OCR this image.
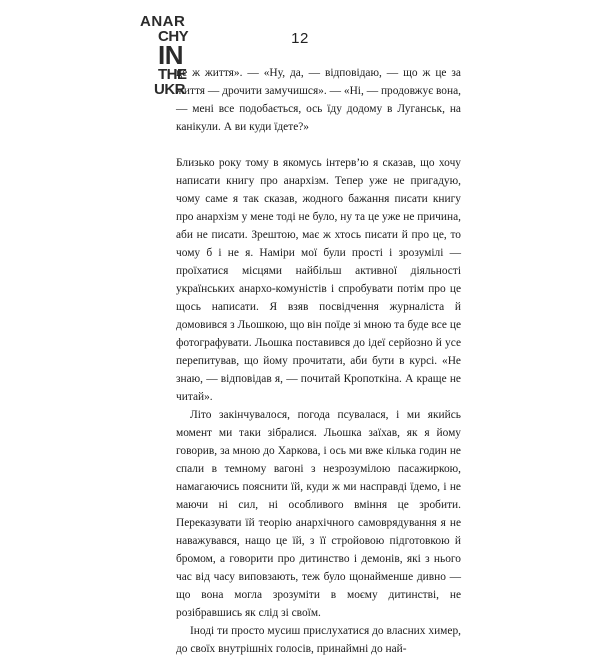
ANAR
CHY
IN
THE
UKR
12

це ж життя». — «Ну, да, — відповідаю, — що ж це за життя — дрочити замучишся». — «Ні, — продовжує вона, — мені все подобається, ось їду додому в Луганськ, на канікули. А ви куди їдете?»

Близько року тому в якомусь інтерв’ю я сказав, що хочу написати книгу про анархізм. Тепер уже не пригадую, чому саме я так сказав, жодного бажання писати книгу про анархізм у мене тоді не було, ну та це уже не причина, аби не писати. Зрештою, має ж хтось писати й про це, то чому б і не я. Наміри мої були прості і зрозумілі — проїхатися місцями найбільш активної діяльності українських анархо-комуністів і спробувати потім про це щось написати. Я взяв посвідчення журналіста й домовився з Льошкою, що він поїде зі мною та буде все це фотографувати. Льошка поставився до ідеї серйозно й усе перепитував, що йому прочитати, аби бути в курсі. «Не знаю, — відповідав я, — почитай Кропоткіна. А краще не читай».

Літо закінчувалося, погода псувалася, і ми якийсь момент ми таки зібралися. Льошка заїхав, як я йому говорив, за мною до Харкова, і ось ми вже кілька годин не спали в темному вагоні з незрозумілою пасажиркою, намагаючись пояснити їй, куди ж ми насправді їдемо, і не маючи ні сил, ні особливого вміння це зробити. Переказувати їй теорію анархічного самоврядування я не наважувався, нащо це їй, з її стройовою підготовкою й бромом, а говорити про дитинство і демонів, які з нього час від часу виповзають, теж було щонайменше дивно — що вона могла зрозуміти в моєму дитинстві, не розібравшись як слід зі своїм.

Іноді ти просто мусиш прислухатися до власних химер, до своїх внутрішніх голосів, принаймні до най-
